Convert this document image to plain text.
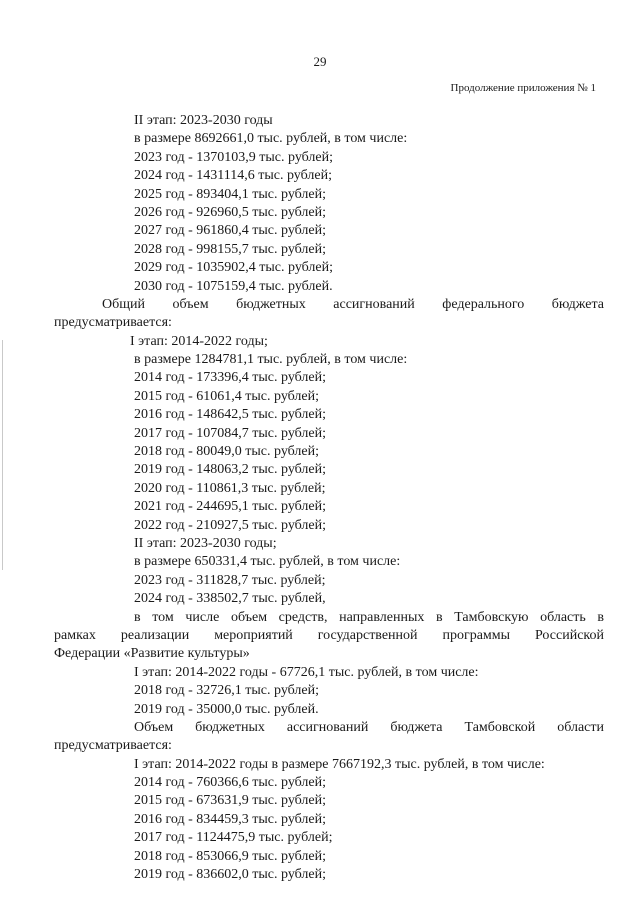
29
Продолжение приложения № 1
II этап: 2023-2030 годы
в размере 8692661,0 тыс. рублей, в том числе:
2023 год - 1370103,9 тыс. рублей;
2024 год - 1431114,6 тыс. рублей;
2025 год - 893404,1 тыс. рублей;
2026 год - 926960,5 тыс. рублей;
2027 год - 961860,4 тыс. рублей;
2028 год - 998155,7 тыс. рублей;
2029 год - 1035902,4 тыс. рублей;
2030 год - 1075159,4 тыс. рублей.
Общий объем бюджетных ассигнований федерального бюджета
предусматривается:
I этап: 2014-2022 годы;
в размере 1284781,1 тыс. рублей, в том числе:
2014 год - 173396,4 тыс. рублей;
2015 год - 61061,4 тыс. рублей;
2016 год - 148642,5 тыс. рублей;
2017 год - 107084,7 тыс. рублей;
2018 год - 80049,0 тыс. рублей;
2019 год - 148063,2 тыс. рублей;
2020 год - 110861,3 тыс. рублей;
2021 год - 244695,1 тыс. рублей;
2022 год - 210927,5 тыс. рублей;
II этап: 2023-2030 годы;
в размере 650331,4 тыс. рублей, в том числе:
2023 год - 311828,7 тыс. рублей;
2024 год - 338502,7 тыс. рублей,
в том числе объем средств, направленных в Тамбовскую область в
рамках реализации мероприятий государственной программы Российской
Федерации «Развитие культуры»
I этап: 2014-2022 годы - 67726,1 тыс. рублей, в том числе:
2018 год - 32726,1 тыс. рублей;
2019 год - 35000,0 тыс. рублей.
Объем бюджетных ассигнований бюджета Тамбовской области
предусматривается:
I этап: 2014-2022 годы в размере 7667192,3 тыс. рублей, в том числе:
2014 год - 760366,6 тыс. рублей;
2015 год - 673631,9 тыс. рублей;
2016 год - 834459,3 тыс. рублей;
2017 год - 1124475,9 тыс. рублей;
2018 год - 853066,9 тыс. рублей;
2019 год - 836602,0 тыс. рублей;
